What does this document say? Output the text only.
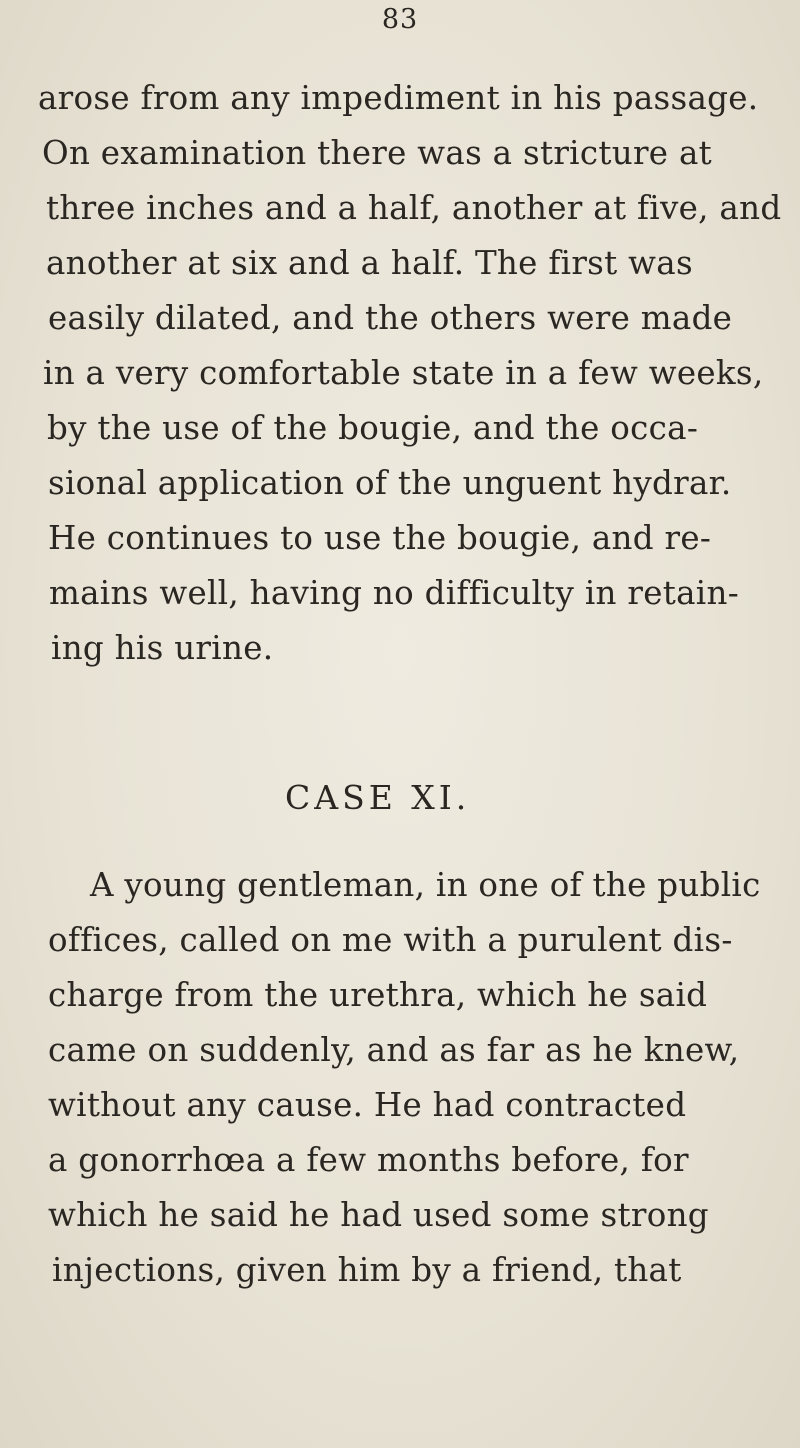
83
arose from any impediment in his passage.
On examination there was a stricture at
three inches and a half, another at five, and
another at six and a half. The first was
easily dilated, and the others were made
in a very comfortable state in a few weeks,
by the use of the bougie, and the occa-
sional application of the unguent hydrar.
He continues to use the bougie, and re-
mains well, having no difficulty in retain-
ing his urine.
CASE XI.
A young gentleman, in one of the public
offices, called on me with a purulent dis-
charge from the urethra, which he said
came on suddenly, and as far as he knew,
without any cause. He had contracted
a gonorrhœa a few months before, for
which he said he had used some strong
injections, given him by a friend, that
